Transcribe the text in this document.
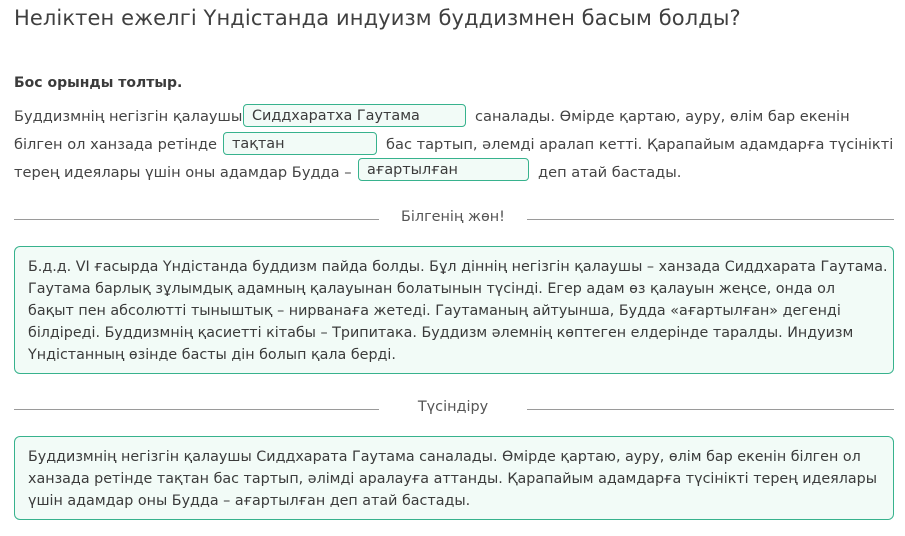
Неліктен ежелгі Үндістанда индуизм буддизмнен басым болды?
Бос орынды толтыр.
Буддизмнің негізгін қалаушы Сиддхаратха Гаутама	саналады. Өмірде қартаю, ауру, өлім бар екенін
білген ол ханзада ретінде	тақтан	бас тартып, әлемді аралап кетті. Қарапайым адамдарға түсінікті
терең идеялары үшін оны адамдар Будда –	ағартылған	деп атай бастады.
Білгенің жөн!
Б.д.д. VI ғасырда Үндістанда буддизм пайда болды. Бұл діннің негізгін қалаушы – ханзада Сиддхарата Гаутама.
Гаутама барлық зұлымдық адамның қалауынан болатынын түсінді. Егер адам өз қалауын жеңсе, онда ол
бақыт пен абсолютті тыныштық – нирванаға жетеді. Гаутаманың айтуынша, Будда «ағартылған» дегенді
білдіреді. Буддизмнің қасиетті кітабы – Трипитака. Буддизм әлемнің көптеген елдерінде таралды. Индуизм
Үндістанның өзінде басты дін болып қала берді.
Түсіндіру
Буддизмнің негізгін қалаушы Сиддхарата Гаутама саналады. Өмірде қартаю, ауру, өлім бар екенін білген ол
ханзада ретінде тақтан бас тартып, әлімді аралауға аттанды. Қарапайым адамдарға түсінікті терең идеялары
үшін адамдар оны Будда – ағартылған деп атай бастады.
